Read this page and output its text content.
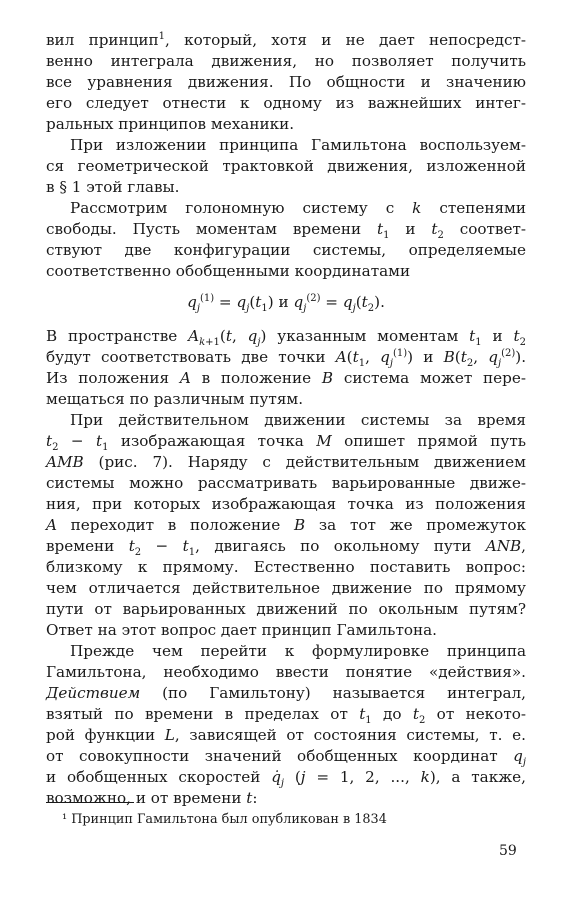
вил принцип$^1$, который, хотя и не дает непосредст-
венно интеграла движения, но позволяет получить
все уравнения движения. По общности и значению
его следует отнести к одному из важнейших интег-
ральных принципов механики.
При изложении принципа Гамильтона воспользуем-
ся геометрической трактовкой движения, изложенной
в § 1 этой главы.
Рассмотрим голономную систему с k степенями
свободы. Пусть моментам времени $t_1$ и $t_2$ соответ-
ствуют две конфигурации системы, определяемые
соответственно обобщенными координатами
$q_j^{(1)} = q_j(t_1)$ и $q_j^{(2)} = q_j(t_2)$.
В пространстве $A_{k+1}(t$, $q_j$) указанным моментам $t_1$ и $t_2$
будут соответствовать две точки $A(t_1$, $q_j^{(1)}$) и $B(t_2$, $q_j^{(2)}$).
Из положения A в положение B система может пере-
мещаться по различным путям.
При действительном движении системы за время
$t_2 - t_1$ изображающая точка M опишет прямой путь
AMB (рис. 7). Наряду с действительным движением
системы можно рассматривать варьированные движе-
ния, при которых изображающая точка из положения
A переходит в положение B за тот же промежуток
времени $t_2 - t_1$, двигаясь по окольному пути ANB,
близкому к прямому. Естественно поставить вопрос:
чем отличается действительное движение по прямому
пути от варьированных движений по окольным путям?
Ответ на этот вопрос дает принцип Гамильтона.
Прежде чем перейти к формулировке принципа
Гамильтона, необходимо ввести понятие «действия».
Действием (по Гамильтону) называется интеграл,
взятый по времени в пределах от $t_1$ до $t_2$ от некото-
рой функции L, зависящей от состояния системы, т. е.
от совокупности значений обобщенных координат $q_j$
и обобщенных скоростей $q̇_j$ (j = 1, 2, ..., k), а также,
возможно, и от времени t:
¹ Принцип Гамильтона был опубликован в 1834
59
